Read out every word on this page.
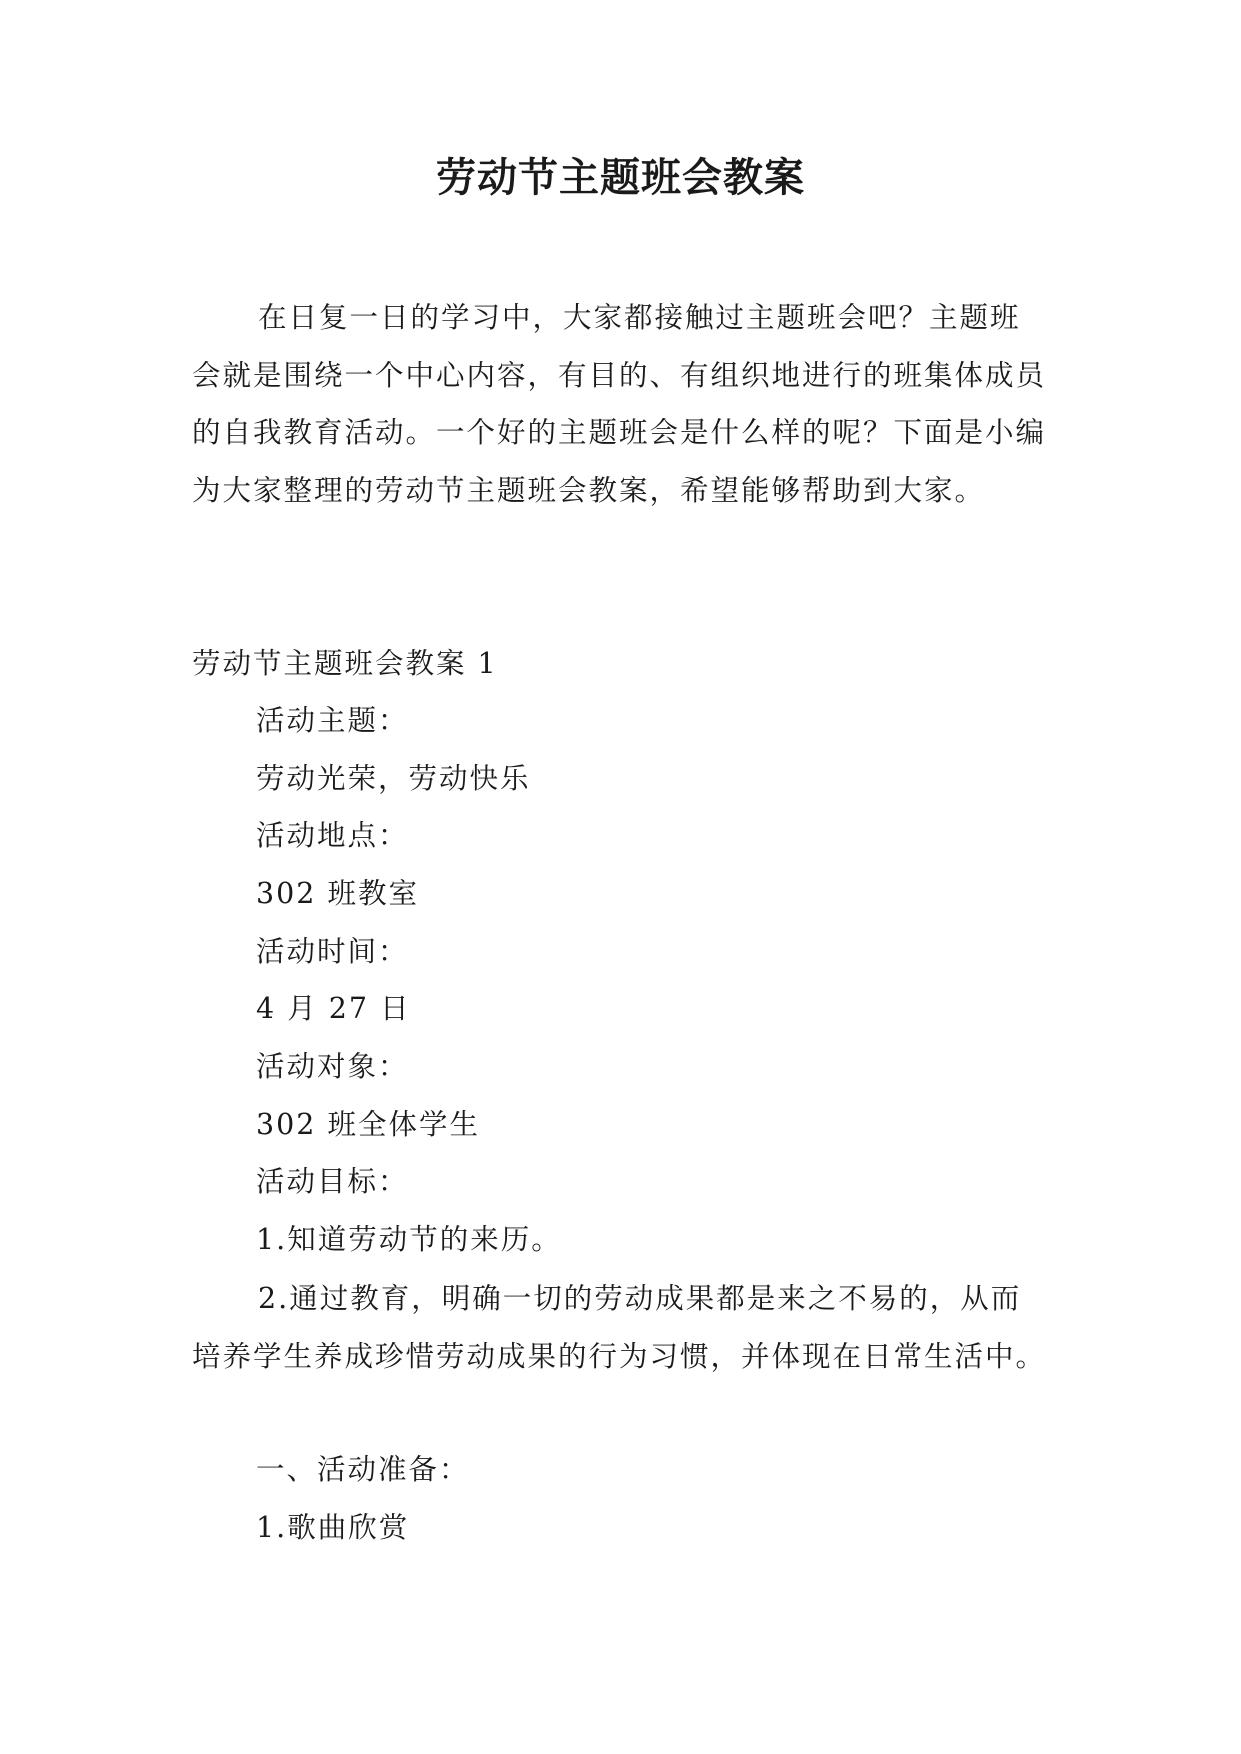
劳动节主题班会教案

在日复一日的学习中，大家都接触过主题班会吧？主题班会就是围绕一个中心内容，有目的、有组织地进行的班集体成员的自我教育活动。一个好的主题班会是什么样的呢？下面是小编为大家整理的劳动节主题班会教案，希望能够帮助到大家。

劳动节主题班会教案 1

活动主题：

劳动光荣，劳动快乐

活动地点：

302 班教室

活动时间：

4 月 27 日

活动对象：

302 班全体学生

活动目标：

1.知道劳动节的来历。

2.通过教育，明确一切的劳动成果都是来之不易的，从而培养学生养成珍惜劳动成果的行为习惯，并体现在日常生活中。

一、活动准备：

1.歌曲欣赏
